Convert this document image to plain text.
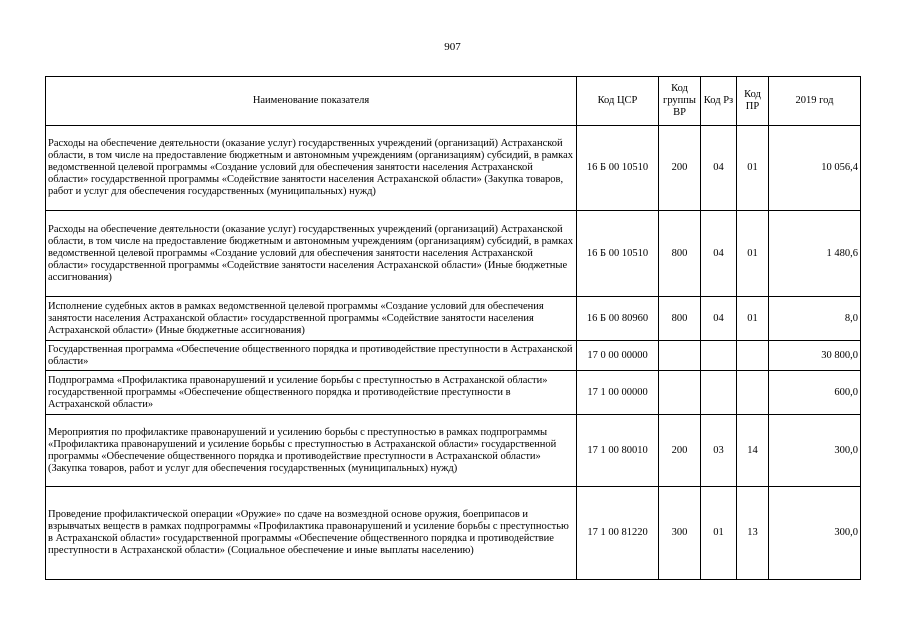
907
Наименование показателя	Код ЦСР	Код группы ВР	Код Рз	Код ПР	2019 год
Расходы на обеспечение деятельности (оказание услуг) государственных учреждений (организаций) Астраханской области, в том числе на предоставление бюджетным и автономным учреждениям (организациям) субсидий, в рамках ведомственной целевой программы «Создание условий для обеспечения занятости населения Астраханской области» государственной программы «Содействие занятости населения Астраханской области» (Закупка товаров, работ и услуг для обеспечения государственных (муниципальных) нужд)	16 Б 00 10510	200	04	01	10 056,4
Расходы на обеспечение деятельности (оказание услуг) государственных учреждений (организаций) Астраханской области, в том числе на предоставление бюджетным и автономным учреждениям (организациям) субсидий, в рамках ведомственной целевой программы «Создание условий для обеспечения занятости населения Астраханской области» государственной программы «Содействие занятости населения Астраханской области» (Иные бюджетные ассигнования)	16 Б 00 10510	800	04	01	1 480,6
Исполнение судебных актов в рамках ведомственной целевой программы «Создание условий для обеспечения занятости населения Астраханской области» государственной программы «Содействие занятости населения Астраханской области» (Иные бюджетные ассигнования)	16 Б 00 80960	800	04	01	8,0
Государственная программа «Обеспечение общественного порядка и противодействие преступности в Астраханской области»	17 0 00 00000				30 800,0
Подпрограмма «Профилактика правонарушений и усиление борьбы с преступностью в Астраханской области» государственной программы «Обеспечение общественного порядка и противодействие преступности в Астраханской области»	17 1 00 00000				600,0
Мероприятия по профилактике правонарушений и усилению борьбы с преступностью в рамках подпрограммы «Профилактика правонарушений и усиление борьбы с преступностью в Астраханской области» государственной программы «Обеспечение общественного порядка и противодействие преступности в Астраханской области» (Закупка товаров, работ и услуг для обеспечения государственных (муниципальных) нужд)	17 1 00 80010	200	03	14	300,0
Проведение профилактической операции «Оружие» по сдаче на возмездной основе оружия, боеприпасов и взрывчатых веществ в рамках подпрограммы «Профилактика правонарушений и усиление борьбы с преступностью в Астраханской области» государственной программы «Обеспечение общественного порядка и противодействие преступности в Астраханской области» (Социальное обеспечение и иные выплаты населению)	17 1 00 81220	300	01	13	300,0
